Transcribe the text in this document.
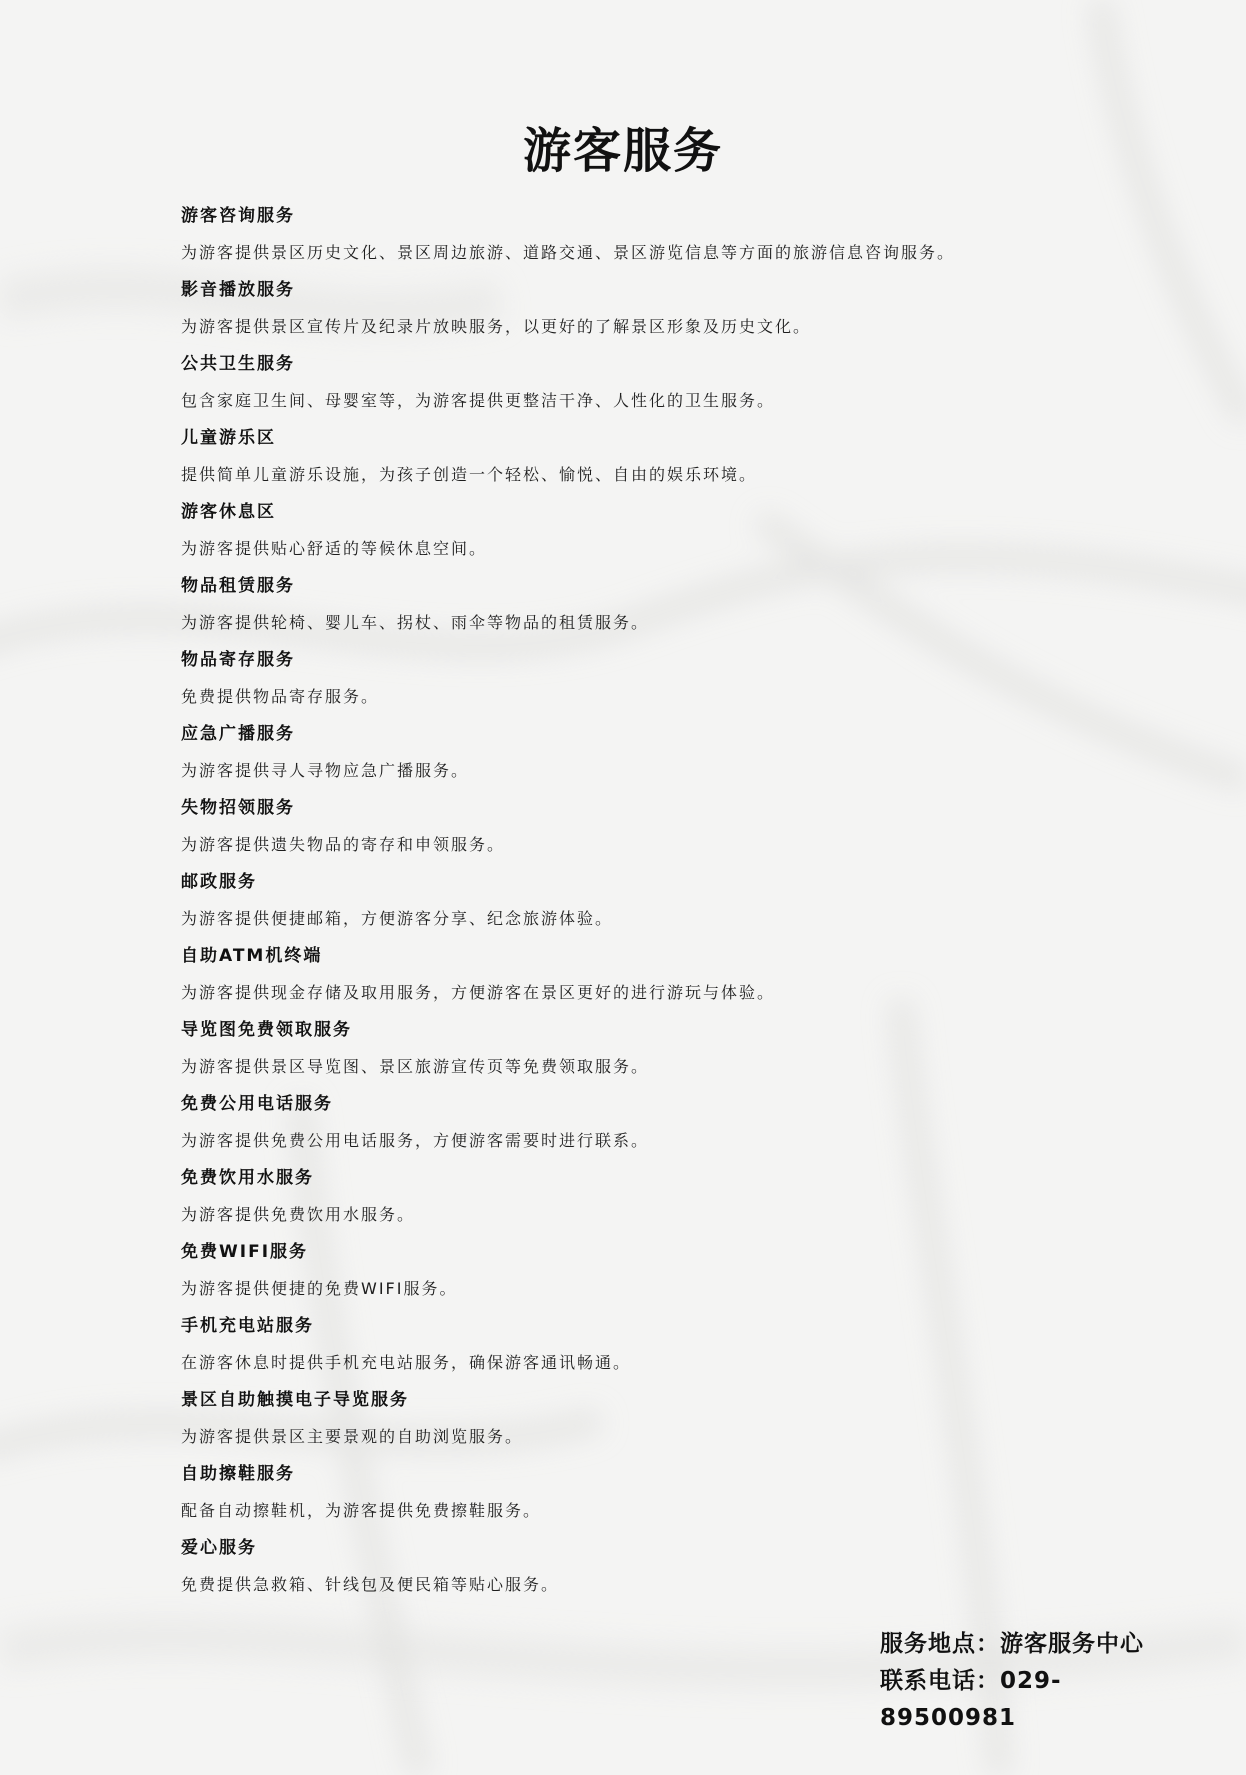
游客服务
游客咨询服务
为游客提供景区历史文化、景区周边旅游、道路交通、景区游览信息等方面的旅游信息咨询服务。
影音播放服务
为游客提供景区宣传片及纪录片放映服务，以更好的了解景区形象及历史文化。
公共卫生服务
包含家庭卫生间、母婴室等，为游客提供更整洁干净、人性化的卫生服务。
儿童游乐区
提供简单儿童游乐设施，为孩子创造一个轻松、愉悦、自由的娱乐环境。
游客休息区
为游客提供贴心舒适的等候休息空间。
物品租赁服务
为游客提供轮椅、婴儿车、拐杖、雨伞等物品的租赁服务。
物品寄存服务
免费提供物品寄存服务。
应急广播服务
为游客提供寻人寻物应急广播服务。
失物招领服务
为游客提供遗失物品的寄存和申领服务。
邮政服务
为游客提供便捷邮箱，方便游客分享、纪念旅游体验。
自助ATM机终端
为游客提供现金存储及取用服务，方便游客在景区更好的进行游玩与体验。
导览图免费领取服务
为游客提供景区导览图、景区旅游宣传页等免费领取服务。
免费公用电话服务
为游客提供免费公用电话服务，方便游客需要时进行联系。
免费饮用水服务
为游客提供免费饮用水服务。
免费WIFI服务
为游客提供便捷的免费WIFI服务。
手机充电站服务
在游客休息时提供手机充电站服务，确保游客通讯畅通。
景区自助触摸电子导览服务
为游客提供景区主要景观的自助浏览服务。
自助擦鞋服务
配备自动擦鞋机，为游客提供免费擦鞋服务。
爱心服务
免费提供急救箱、针线包及便民箱等贴心服务。
服务地点：游客服务中心
联系电话：029-89500981
